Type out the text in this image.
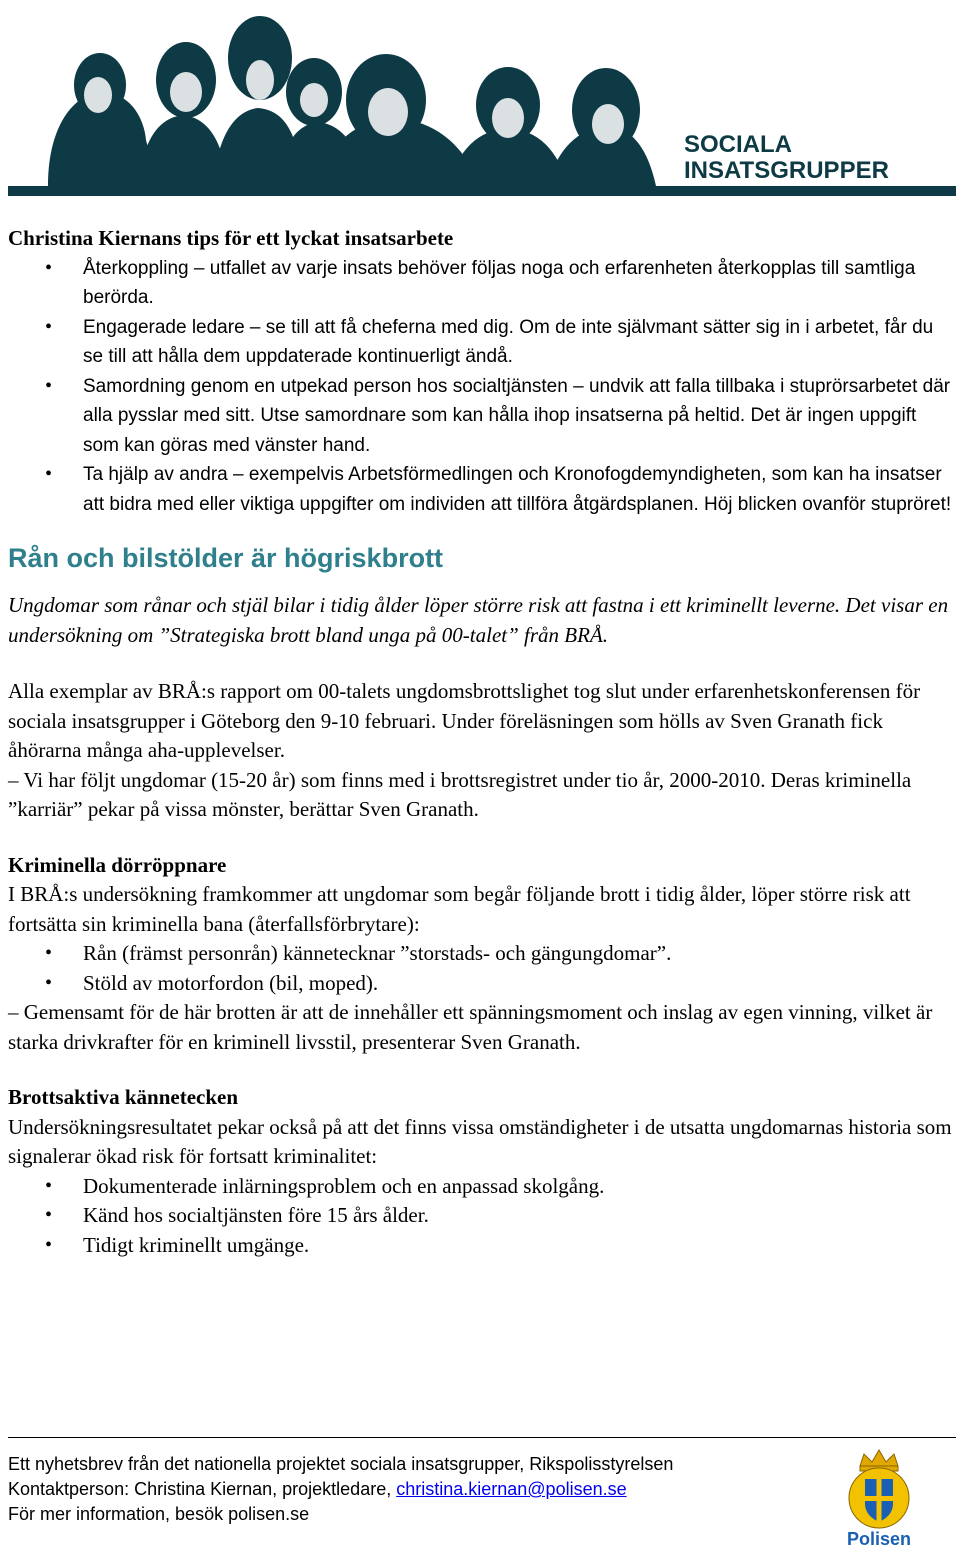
SOCIALA
INSATSGRUPPER
Christina Kiernans tips för ett lyckat insatsarbete
• Återkoppling – utfallet av varje insats behöver följas noga och erfarenheten återkopplas till samtliga berörda.
• Engagerade ledare – se till att få cheferna med dig. Om de inte självmant sätter sig in i arbetet, får du se till att hålla dem uppdaterade kontinuerligt ändå.
• Samordning genom en utpekad person hos socialtjänsten – undvik att falla tillbaka i stuprörsarbetet där alla pysslar med sitt. Utse samordnare som kan hålla ihop insatserna på heltid. Det är ingen uppgift som kan göras med vänster hand.
• Ta hjälp av andra – exempelvis Arbetsförmedlingen och Kronofogdemyndigheten, som kan ha insatser att bidra med eller viktiga uppgifter om individen att tillföra åtgärdsplanen. Höj blicken ovanför stupröret!
Rån och bilstölder är högriskbrott

Ungdomar som rånar och stjäl bilar i tidig ålder löper större risk att fastna i ett kriminellt leverne. Det visar en undersökning om ”Strategiska brott bland unga på 00-talet” från BRÅ.

Alla exemplar av BRÅ:s rapport om 00-talets ungdomsbrottslighet tog slut under erfarenhetskonferensen för sociala insatsgrupper i Göteborg den 9-10 februari. Under föreläsningen som hölls av Sven Granath fick åhörarna många aha-upplevelser.

– Vi har följt ungdomar (15-20 år) som finns med i brottsregistret under tio år, 2000-2010. Deras kriminella ”karriär” pekar på vissa mönster, berättar Sven Granath.

Kriminella dörröppnare

I BRÅ:s undersökning framkommer att ungdomar som begår följande brott i tidig ålder, löper större risk att fortsätta sin kriminella bana (återfallsförbrytare):

• Rån (främst personrån) kännetecknar ”storstads- och gängungdomar”.
• Stöld av motorfordon (bil, moped).

– Gemensamt för de här brotten är att de innehåller ett spänningsmoment och inslag av egen vinning, vilket är starka drivkrafter för en kriminell livsstil, presenterar Sven Granath.

Brottsaktiva kännetecken

Undersökningsresultatet pekar också på att det finns vissa omständigheter i de utsatta ungdomarnas historia som signalerar ökad risk för fortsatt kriminalitet:

• Dokumenterade inlärningsproblem och en anpassad skolgång.
• Känd hos socialtjänsten före 15 års ålder.
• Tidigt kriminellt umgänge.
Ett nyhetsbrev från det nationella projektet sociala insatsgrupper, Rikspolisstyrelsen
Kontaktperson: Christina Kiernan, projektledare, christina.kiernan@polisen.se
För mer information, besök polisen.se
Polisen
